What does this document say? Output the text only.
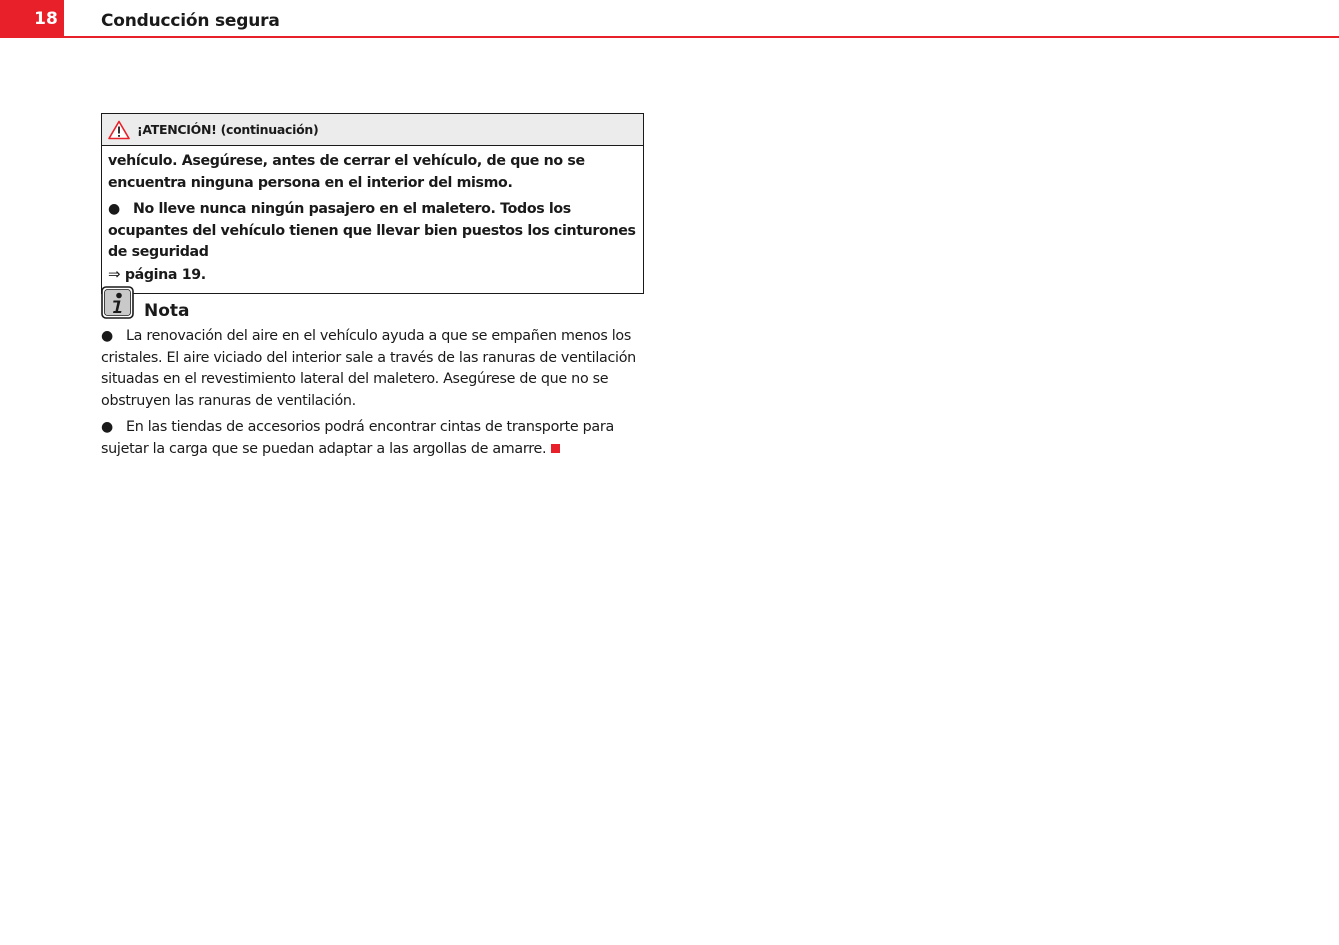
18	Conducción segura
¡ATENCIÓN! (continuación)

vehículo. Asegúrese, antes de cerrar el vehículo, de que no se encuentra ninguna persona en el interior del mismo.

● No lleve nunca ningún pasajero en el maletero. Todos los ocupantes del vehículo tienen que llevar bien puestos los cinturones de seguridad
⇒ página 19.

Nota

● La renovación del aire en el vehículo ayuda a que se empañen menos los cristales. El aire viciado del interior sale a través de las ranuras de ventilación situadas en el revestimiento lateral del maletero. Asegúrese de que no se obstruyen las ranuras de ventilación.

● En las tiendas de accesorios podrá encontrar cintas de transporte para sujetar la carga que se puedan adaptar a las argollas de amarre.
